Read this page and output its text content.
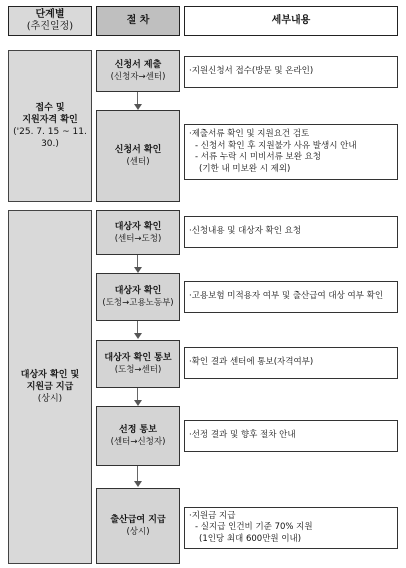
단계별
(추진일정)
절 차	세부내용
접수 및
지원자격 확인
('25. 7. 15 ~ 11. 30.)
대상자 확인 및
지원금 지급
(상시)
신청서 제출
(신청자→센터)
·지원신청서 접수(방문 및 온라인)
신청서 확인
(센터)
·제출서류 확인 및 지원요건 검토
- 신청서 확인 후 지원불가 사유 발생시 안내
- 서류 누락 시 미비서류 보완 요청
(기한 내 미보완 시 제외)
대상자 확인
(센터→도청)
·신청내용 및 대상자 확인 요청
대상자 확인
(도청→고용노동부)
·고용보험 미적용자 여부 및 출산급여 대상 여부 확인
대상자 확인 통보
(도청→센터)
·확인 결과 센터에 통보(자격여부)
선정 통보
(센터→신청자)
·선정 결과 및 향후 절차 안내
출산급여 지급
(상시)
·지원금 지급
- 실지급 인건비 기준 70% 지원
(1인당 최대 600만원 이내)
